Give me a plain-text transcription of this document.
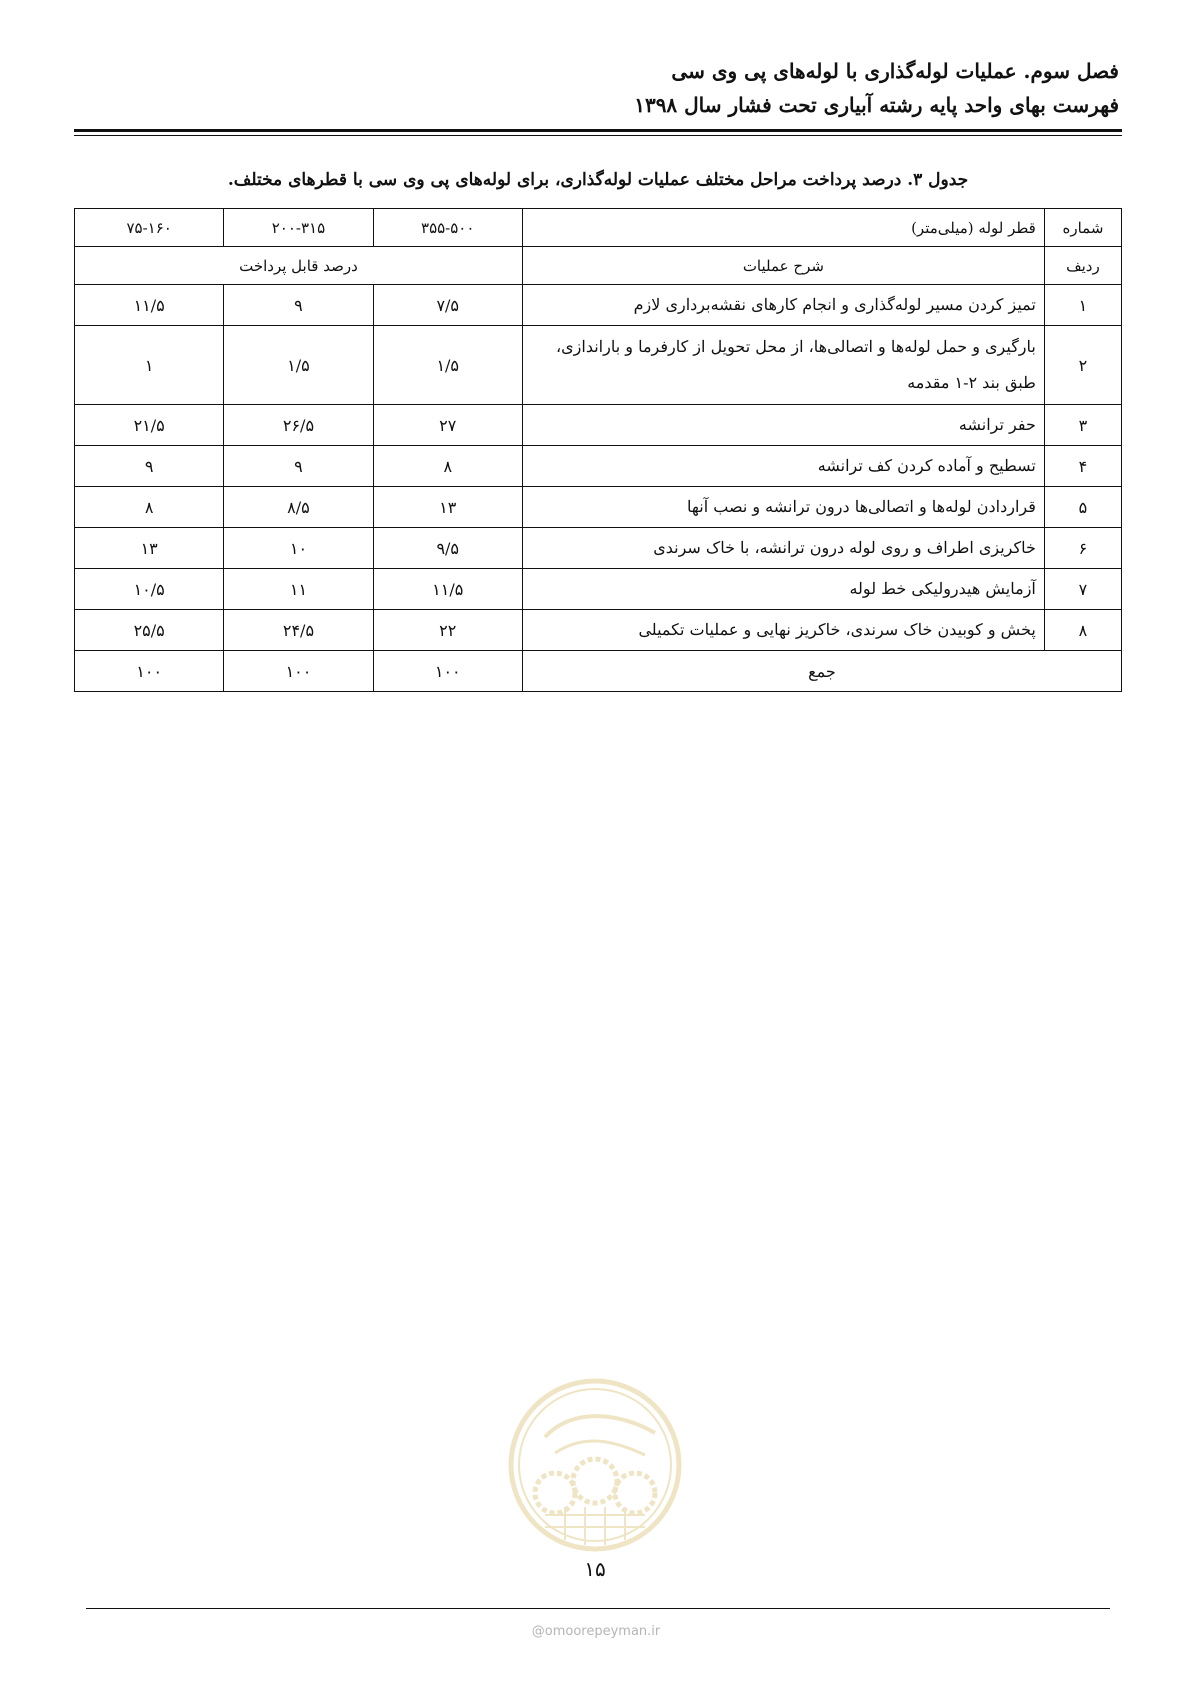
فصل سوم. عملیات لوله‌گذاری با لوله‌های پی وی سی
فهرست بهای واحد پایه رشته آبیاری تحت فشار سال ۱۳۹۸
جدول ۳. درصد پرداخت مراحل مختلف عملیات لوله‌گذاری، برای لوله‌های پی وی سی با قطرهای مختلف.
شماره	قطر لوله (میلی‌متر)	۳۵۵-۵۰۰	۲۰۰-۳۱۵	۷۵-۱۶۰
ردیف	شرح عملیات	درصد قابل پرداخت		
۱	تمیز کردن مسیر لوله‌گذاری و انجام کارهای نقشه‌برداری لازم	۷/۵	۹	۱۱/۵
۲	بارگیری و حمل لوله‌ها و اتصالی‌ها، از محل تحویل از کارفرما و باراندازی، طبق بند ۲-۱ مقدمه	۱/۵	۱/۵	۱
۳	حفر ترانشه	۲۷	۲۶/۵	۲۱/۵
۴	تسطیح و آماده کردن کف ترانشه	۸	۹	۹
۵	قراردادن لوله‌ها و اتصالی‌ها درون ترانشه و نصب آنها	۱۳	۸/۵	۸
۶	خاکریزی اطراف و روی لوله درون ترانشه، با خاک سرندی	۹/۵	۱۰	۱۳
۷	آزمایش هیدرولیکی خط لوله	۱۱/۵	۱۱	۱۰/۵
۸	پخش و کوبیدن خاک سرندی، خاکریز نهایی و عملیات تکمیلی	۲۲	۲۴/۵	۲۵/۵
جمع		۱۰۰	۱۰۰	۱۰۰
۱۵
@omoorepeyman.ir
